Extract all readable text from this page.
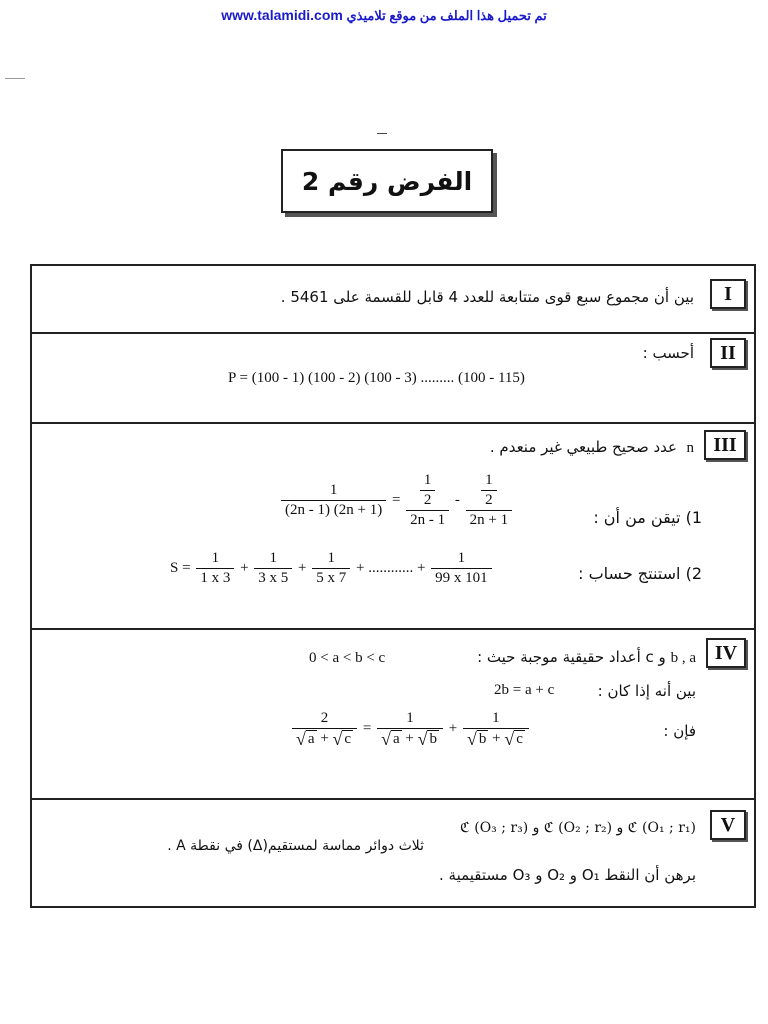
www.talamidi.com تم تحميل هذا الملف من موقع تلاميذي
الفرض رقم 2
I
بين أن مجموع سبع قوى متتابعة للعدد 4 قابل للقسمة على 5461 .
II
أحسب :
P = (100 - 1) (100 - 2) (100 - 3) ......... (100 - 115)
III
n  عدد صحيح طبيعي غير منعدم .
1) تيقن من أن :
$\frac{1}{(2n - 1) (2n + 1)} = \frac{\frac{1}{2}}{2n - 1} - \frac{\frac{1}{2}}{2n + 1}$
2) استنتج حساب :
$S = \frac{1}{1 x 3} + \frac{1}{3 x 5} + \frac{1}{5 x 7}$ + ............ + $\frac{1}{99 x 101}$
IV
b , a و c أعداد حقيقية موجبة حيث :
0 < a < b < c
بين أنه إذا كان :
2b = a + c
فإن :
$\frac{2}{√ a + √ c} = \frac{1}{√ a + √ b} + \frac{1}{√ b + √ c}$
V
ℭ (O₁ ; r₁) و ℭ (O₂ ; r₂) و ℭ (O₃ ; r₃)
ثلاث دوائر مماسة لمستقيم(Δ) في نقطة A .
برهن أن النقط O₁ و O₂ و O₃ مستقيمية .
